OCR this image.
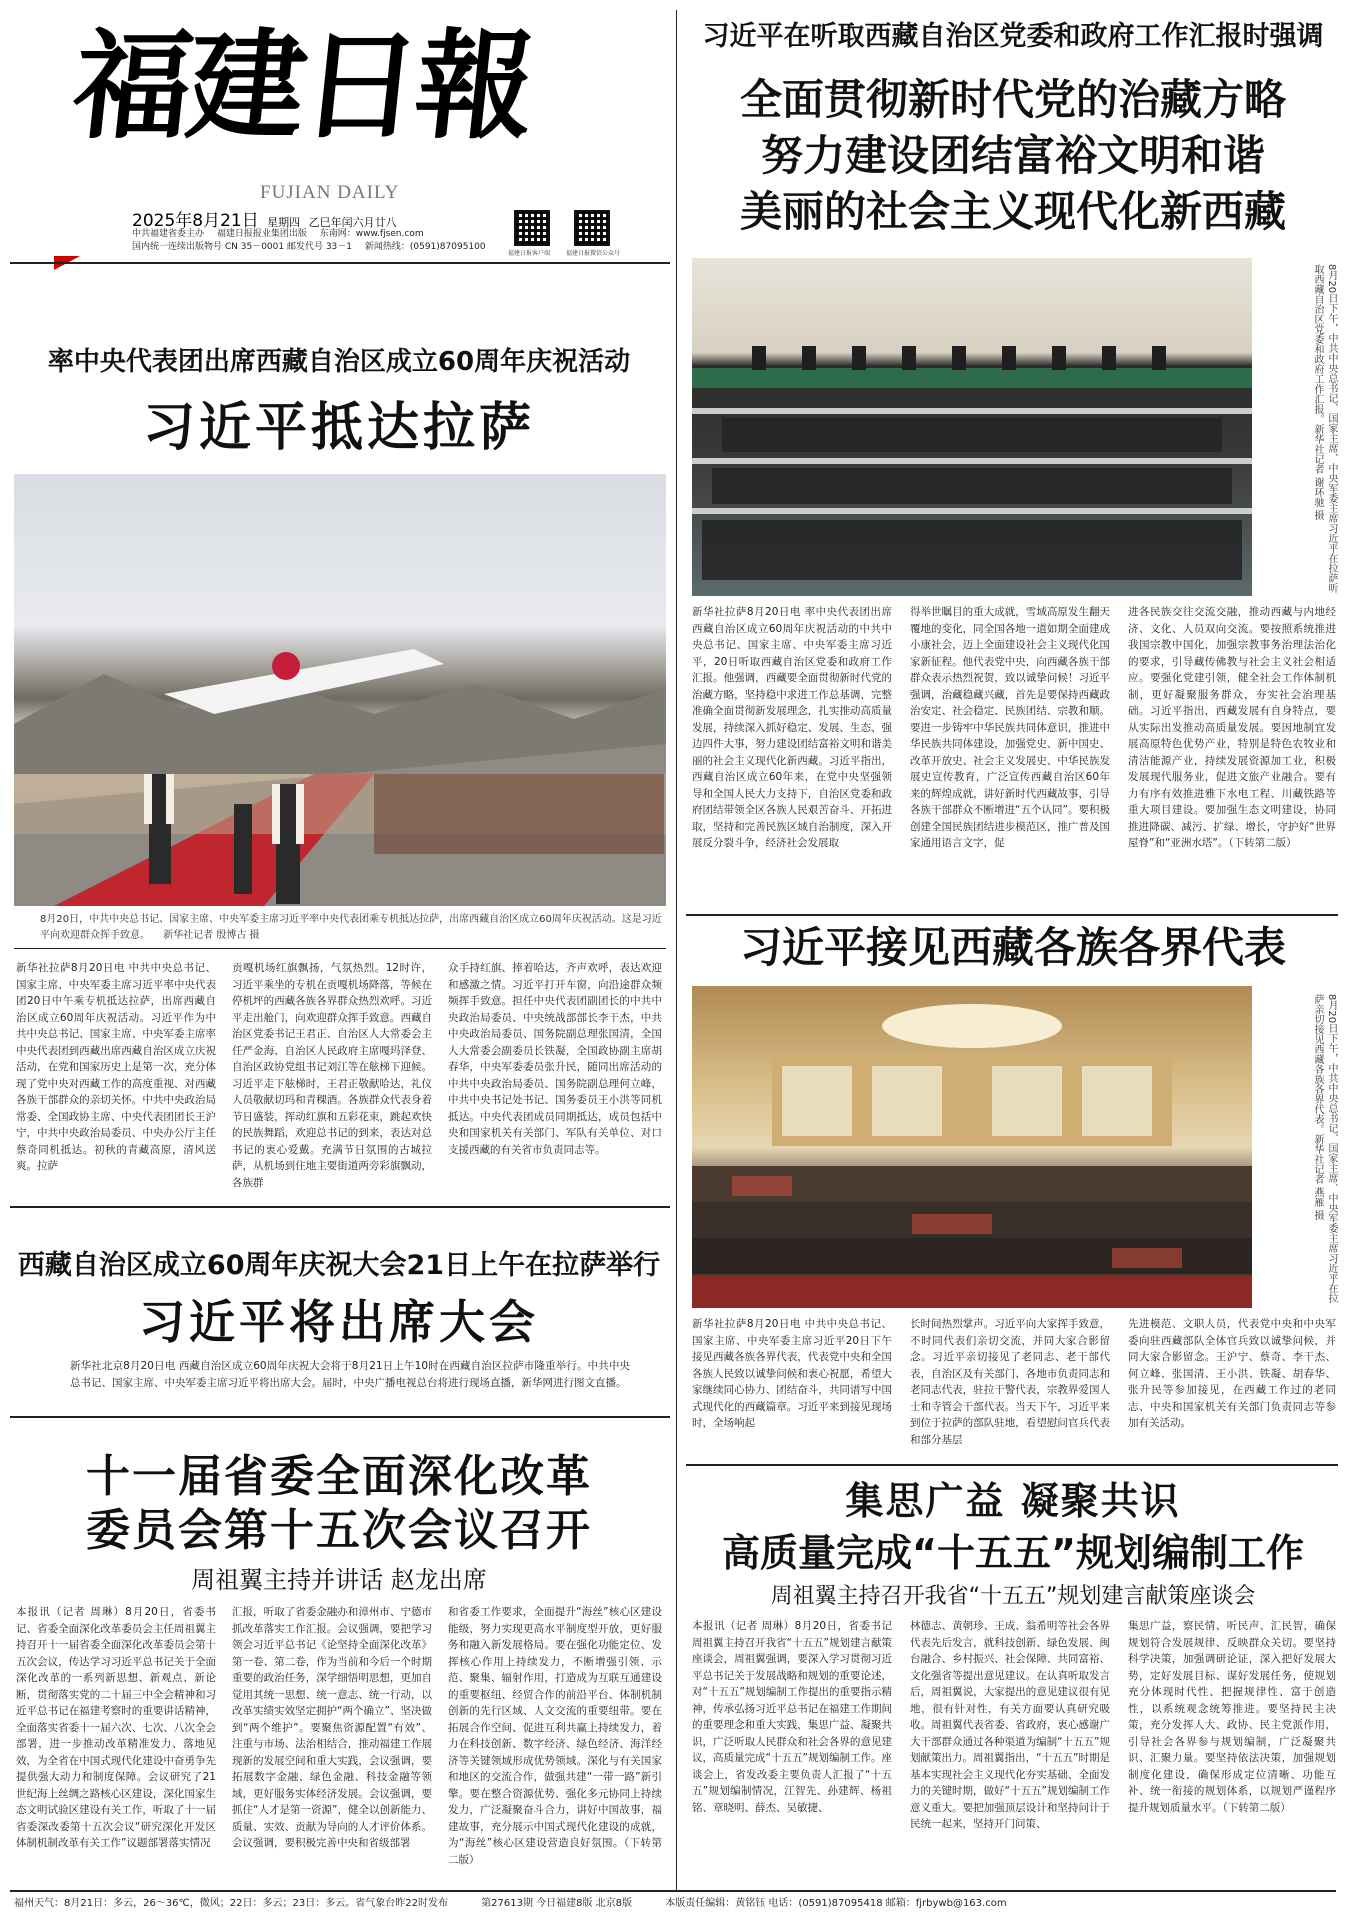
福建日報
FUJIAN DAILY
2025年8月21日 星期四 乙巳年闰六月廿八
中共福建省委主办 福建日报报业集团出版 东南网：www.fjsen.com
国内统一连续出版物号 CN 35－0001 邮发代号 33－1 新闻热线：(0591)87095100
福建日报客户端	福建日报微信公众号
率中央代表团出席西藏自治区成立60周年庆祝活动
习近平抵达拉萨
8月20日，中共中央总书记、国家主席、中央军委主席习近平率中央代表团乘专机抵达拉萨，出席西藏自治区成立60周年庆祝活动。这是习近平向欢迎群众挥手致意。 新华社记者 殷博古 摄
新华社拉萨8月20日电 中共中央总书记、国家主席、中央军委主席习近平率中央代表团20日中午乘专机抵达拉萨，出席西藏自治区成立60周年庆祝活动。习近平作为中共中央总书记、国家主席、中央军委主席率中央代表团到西藏出席西藏自治区成立庆祝活动，在党和国家历史上是第一次，充分体现了党中央对西藏工作的高度重视、对西藏各族干部群众的亲切关怀。中共中央政治局常委、全国政协主席、中央代表团团长王沪宁，中共中央政治局委员、中央办公厅主任蔡奇同机抵达。初秋的青藏高原，清风送爽。拉萨
贡嘎机场红旗飘扬，气氛热烈。12时许，习近平乘坐的专机在贡嘎机场降落，等候在停机坪的西藏各族各界群众热烈欢呼。习近平走出舱门，向欢迎群众挥手致意。西藏自治区党委书记王君正、自治区人大常委会主任严金海、自治区人民政府主席嘎玛泽登、自治区政协党组书记刘江等在舷梯下迎候。习近平走下舷梯时，王君正敬献哈达，礼仪人员敬献切玛和青稞酒。各族群众代表身着节日盛装，挥动红旗和五彩花束，跳起欢快的民族舞蹈，欢迎总书记的到来，表达对总书记的衷心爱戴。充满节日氛围的古城拉萨，从机场到住地主要街道两旁彩旗飘动，各族群
众手持红旗、捧着哈达，齐声欢呼，表达欢迎和感激之情。习近平打开车窗，向沿途群众频频挥手致意。担任中央代表团副团长的中共中央政治局委员、中央统战部部长李干杰，中共中央政治局委员、国务院副总理张国清，全国人大常委会副委员长铁凝，全国政协副主席胡春华，中央军委委员张升民，随同出席活动的中共中央政治局委员、国务院副总理何立峰，中共中央书记处书记、国务委员王小洪等同机抵达。中央代表团成员同期抵达，成员包括中央和国家机关有关部门、军队有关单位、对口支援西藏的有关省市负责同志等。
西藏自治区成立60周年庆祝大会21日上午在拉萨举行
习近平将出席大会
新华社北京8月20日电 西藏自治区成立60周年庆祝大会将于8月21日上午10时在西藏自治区拉萨市隆重举行。中共中央总书记、国家主席、中央军委主席习近平将出席大会。届时，中央广播电视总台将进行现场直播，新华网进行图文直播。
十一届省委全面深化改革
委员会第十五次会议召开
周祖翼主持并讲话 赵龙出席
本报讯（记者 周琳）8月20日，省委书记、省委全面深化改革委员会主任周祖翼主持召开十一届省委全面深化改革委员会第十五次会议，传达学习习近平总书记关于全面深化改革的一系列新思想、新观点、新论断，贯彻落实党的二十届三中全会精神和习近平总书记在福建考察时的重要讲话精神，全面落实省委十一届六次、七次、八次全会部署，进一步推动改革精准发力、落地见效，为全省在中国式现代化建设中奋勇争先提供强大动力和制度保障。会议研究了21世纪海上丝绸之路核心区建设，深化国家生态文明试验区建设有关工作，听取了十一届省委深改委第十五次会议“研究深化开发区体制机制改革有关工作”议题部署落实情况
汇报，听取了省委金融办和漳州市、宁德市抓改革落实工作汇报。会议强调，要把学习领会习近平总书记《论坚持全面深化改革》第一卷、第二卷，作为当前和今后一个时期重要的政治任务，深学细悟明思想，更加自觉用其统一思想、统一意志、统一行动，以改革实绩实效坚定拥护“两个确立”、坚决做到“两个维护”。要聚焦资源配置“有效”、注重与市场、法治相结合，推动福建工作展现新的发展空间和重大实践，会议强调，要拓展数字金融、绿色金融、科技金融等领域，更好服务实体经济发展。会议强调，要抓住“人才是第一资源”，健全以创新能力、质量、实效、贡献为导向的人才评价体系。会议强调，要积极完善中央和省级部署
和省委工作要求，全面提升“海丝”核心区建设能级，努力实现更高水平制度型开放，更好服务和融入新发展格局。要在强化功能定位、发挥核心作用上持续发力，不断增强引领、示范、聚集、辐射作用，打造成为互联互通建设的重要枢纽、经贸合作的前沿平台、体制机制创新的先行区域、人文交流的重要纽带。要在拓展合作空间、促进互利共赢上持续发力，着力在科技创新、数字经济、绿色经济、海洋经济等关键领域形成优势领域。深化与有关国家和地区的交流合作，做强共建“一带一路”新引擎。要在整合资源优势、强化多元协同上持续发力，广泛凝聚奋斗合力，讲好中国故事，福建故事，充分展示中国式现代化建设的成就，为“海丝”核心区建设营造良好氛围。（下转第二版）
习近平在听取西藏自治区党委和政府工作汇报时强调
全面贯彻新时代党的治藏方略
努力建设团结富裕文明和谐
美丽的社会主义现代化新西藏
8月20日下午，中共中央总书记、国家主席、中央军委主席习近平在拉萨听取西藏自治区党委和政府工作汇报。新华社记者 谢环驰 摄
新华社拉萨8月20日电 率中央代表团出席西藏自治区成立60周年庆祝活动的中共中央总书记、国家主席、中央军委主席习近平，20日听取西藏自治区党委和政府工作汇报。他强调，西藏要全面贯彻新时代党的治藏方略，坚持稳中求进工作总基调，完整准确全面贯彻新发展理念，扎实推动高质量发展，持续深入抓好稳定、发展、生态、强边四件大事，努力建设团结富裕文明和谐美丽的社会主义现代化新西藏。习近平指出，西藏自治区成立60年来，在党中央坚强领导和全国人民大力支持下，自治区党委和政府团结带领全区各族人民艰苦奋斗、开拓进取，坚持和完善民族区域自治制度，深入开展反分裂斗争，经济社会发展取
得举世瞩目的重大成就，雪域高原发生翻天覆地的变化，同全国各地一道如期全面建成小康社会，迈上全面建设社会主义现代化国家新征程。他代表党中央，向西藏各族干部群众表示热烈祝贺，致以诚挚问候！习近平强调，治藏稳藏兴藏，首先是要保持西藏政治安定、社会稳定、民族团结、宗教和顺。要进一步铸牢中华民族共同体意识，推进中华民族共同体建设，加强党史、新中国史、改革开放史、社会主义发展史、中华民族发展史宣传教育，广泛宣传西藏自治区60年来的辉煌成就，讲好新时代西藏故事，引导各族干部群众不断增进“五个认同”。要积极创建全国民族团结进步模范区，推广普及国家通用语言文字，促
进各民族交往交流交融，推动西藏与内地经济、文化、人员双向交流。要按照系统推进我国宗教中国化，加强宗教事务治理法治化的要求，引导藏传佛教与社会主义社会相适应。要强化党建引领，健全社会工作体制机制，更好凝聚服务群众，夯实社会治理基础。习近平指出，西藏发展有自身特点，要从实际出发推动高质量发展。要因地制宜发展高原特色优势产业，特别是特色农牧业和清洁能源产业，持续发展资源加工业，积极发展现代服务业，促进文旅产业融合。要有力有序有效推进雅下水电工程、川藏铁路等重大项目建设。要加强生态文明建设，协同推进降碳、减污、扩绿、增长，守护好“世界屋脊”和“亚洲水塔”。（下转第二版）
习近平接见西藏各族各界代表
8月20日下午，中共中央总书记、国家主席、中央军委主席习近平在拉萨亲切接见西藏各族各界代表。新华社记者 燕雁 摄
新华社拉萨8月20日电 中共中央总书记、国家主席、中央军委主席习近平20日下午接见西藏各族各界代表，代表党中央和全国各族人民致以诚挚问候和衷心祝愿，希望大家继续同心协力、团结奋斗，共同谱写中国式现代化的西藏篇章。习近平来到接见现场时，全场响起
长时间热烈掌声。习近平向大家挥手致意，不时同代表们亲切交流，并同大家合影留念。习近平亲切接见了老同志、老干部代表，自治区及有关部门、各地市负责同志和老同志代表，驻拉干警代表，宗教界爱国人士和寺管会干部代表。当天下午，习近平来到位于拉萨的部队驻地，看望慰问官兵代表和部分基层
先进模范、文职人员，代表党中央和中央军委向驻西藏部队全体官兵致以诚挚问候，并同大家合影留念。王沪宁、蔡奇、李干杰、何立峰、张国清、王小洪、铁凝、胡春华、张升民等参加接见，在西藏工作过的老同志、中央和国家机关有关部门负责同志等参加有关活动。
集思广益 凝聚共识
高质量完成“十五五”规划编制工作
周祖翼主持召开我省“十五五”规划建言献策座谈会
本报讯（记者 周琳）8月20日，省委书记周祖翼主持召开我省“十五五”规划建言献策座谈会，周祖翼强调，要深入学习贯彻习近平总书记关于发展战略和规划的重要论述，对“十五五”规划编制工作提出的重要指示精神，传承弘扬习近平总书记在福建工作期间的重要理念和重大实践，集思广益、凝聚共识，广泛听取人民群众和社会各界的意见建议，高质量完成“十五五”规划编制工作。座谈会上，省发改委主要负责人汇报了“十五五”规划编制情况，江智先、孙建辉、杨祖铭、章晓明、薛杰、吴敏捷、
林德志、黄朝珍、王成、翁希明等社会各界代表先后发言，就科技创新、绿色发展、闽台融合、乡村振兴、社会保障、共同富裕、文化强省等提出意见建议。在认真听取发言后，周祖翼说，大家提出的意见建议很有见地，很有针对性，有关方面要认真研究吸收。周祖翼代表省委、省政府，衷心感谢广大干部群众通过各种渠道为编制“十五五”规划献策出力。周祖翼指出，“十五五”时期是基本实现社会主义现代化夯实基础、全面发力的关键时期，做好“十五五”规划编制工作意义重大。要把加强顶层设计和坚持问计于民统一起来，坚持开门问策、
集思广益，察民情、听民声、汇民智，确保规划符合发展规律、反映群众关切。要坚持科学决策，加强调研论证，深入把好发展大势，定好发展目标、谋好发展任务，使规划充分体现时代性、把握规律性、富于创造性，以系统观念统筹推进。要坚持民主决策，充分发挥人大、政协、民主党派作用，引导社会各界参与规划编制，广泛凝聚共识、汇聚力量。要坚持依法决策，加强规划制度化建设，确保形成定位清晰、功能互补、统一衔接的规划体系，以规划严谨程序提升规划质量水平。（下转第二版）
福州天气：8月21日：多云，26～36℃，微风；22日：多云；23日：多云。省气象台昨22时发布	第27613期 今日福建8版 北京8版	本版责任编辑：黄铭钰 电话：(0591)87095418 邮箱：fjrbywb@163.com
